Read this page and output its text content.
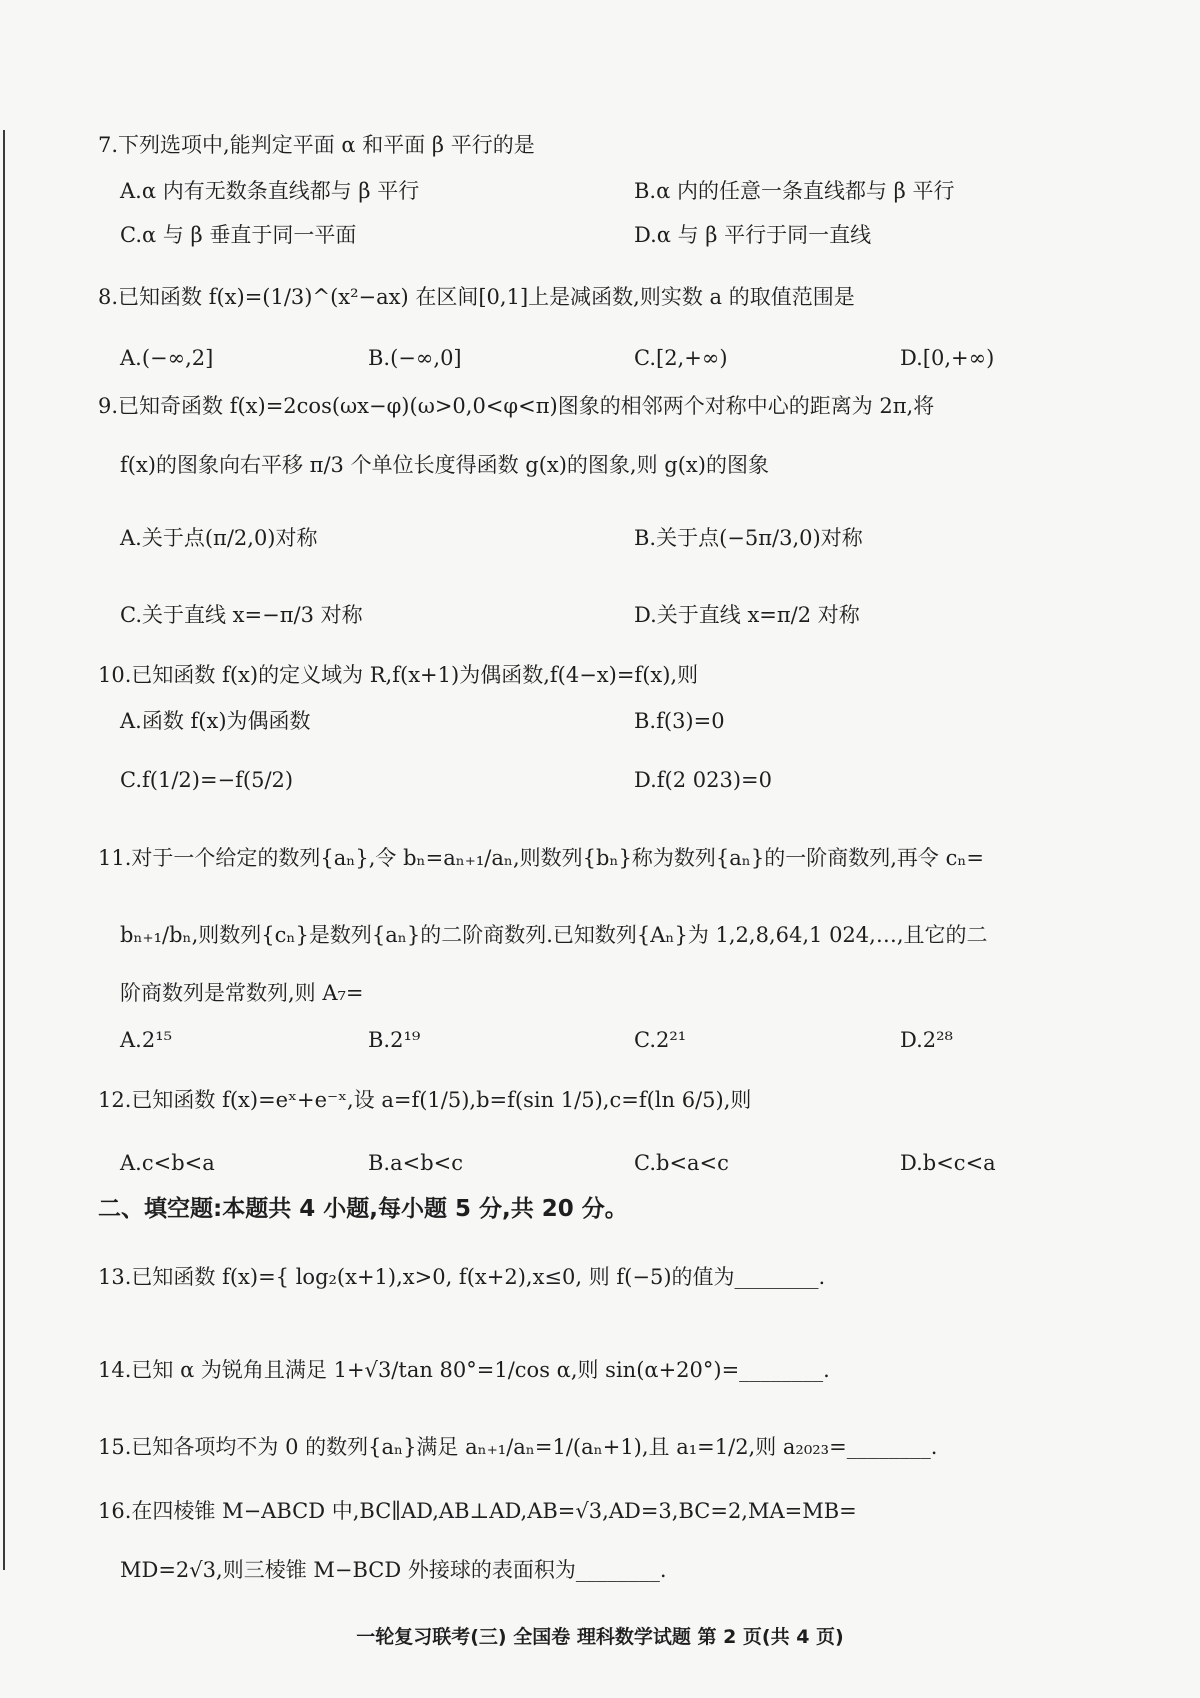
7.下列选项中,能判定平面 α 和平面 β 平行的是
A.α 内有无数条直线都与 β 平行	B.α 内的任意一条直线都与 β 平行
C.α 与 β 垂直于同一平面	D.α 与 β 平行于同一直线
8.已知函数 f(x)=(1/3)^(x²−ax) 在区间[0,1]上是减函数,则实数 a 的取值范围是
A.(−∞,2]	B.(−∞,0]	C.[2,+∞)	D.[0,+∞)
9.已知奇函数 f(x)=2cos(ωx−φ)(ω>0,0<φ<π)图象的相邻两个对称中心的距离为 2π,将
f(x)的图象向右平移 π/3 个单位长度得函数 g(x)的图象,则 g(x)的图象
A.关于点(π/2,0)对称	B.关于点(−5π/3,0)对称
C.关于直线 x=−π/3 对称	D.关于直线 x=π/2 对称
10.已知函数 f(x)的定义域为 R,f(x+1)为偶函数,f(4−x)=f(x),则
A.函数 f(x)为偶函数	B.f(3)=0
C.f(1/2)=−f(5/2)	D.f(2 023)=0
11.对于一个给定的数列{aₙ},令 bₙ=aₙ₊₁/aₙ,则数列{bₙ}称为数列{aₙ}的一阶商数列,再令 cₙ=
bₙ₊₁/bₙ,则数列{cₙ}是数列{aₙ}的二阶商数列.已知数列{Aₙ}为 1,2,8,64,1 024,…,且它的二
阶商数列是常数列,则 A₇=
A.2¹⁵	B.2¹⁹	C.2²¹	D.2²⁸
12.已知函数 f(x)=eˣ+e⁻ˣ,设 a=f(1/5),b=f(sin 1/5),c=f(ln 6/5),则
A.c<b<a	B.a<b<c	C.b<a<c	D.b<c<a
二、填空题:本题共 4 小题,每小题 5 分,共 20 分。
13.已知函数 f(x)={ log₂(x+1),x>0, f(x+2),x≤0, 则 f(−5)的值为________.
14.已知 α 为锐角且满足 1+√3/tan 80°=1/cos α,则 sin(α+20°)=________.
15.已知各项均不为 0 的数列{aₙ}满足 aₙ₊₁/aₙ=1/(aₙ+1),且 a₁=1/2,则 a₂₀₂₃=________.
16.在四棱锥 M−ABCD 中,BC∥AD,AB⊥AD,AB=√3,AD=3,BC=2,MA=MB=
MD=2√3,则三棱锥 M−BCD 外接球的表面积为________.
一轮复习联考(三) 全国卷 理科数学试题 第 2 页(共 4 页)
